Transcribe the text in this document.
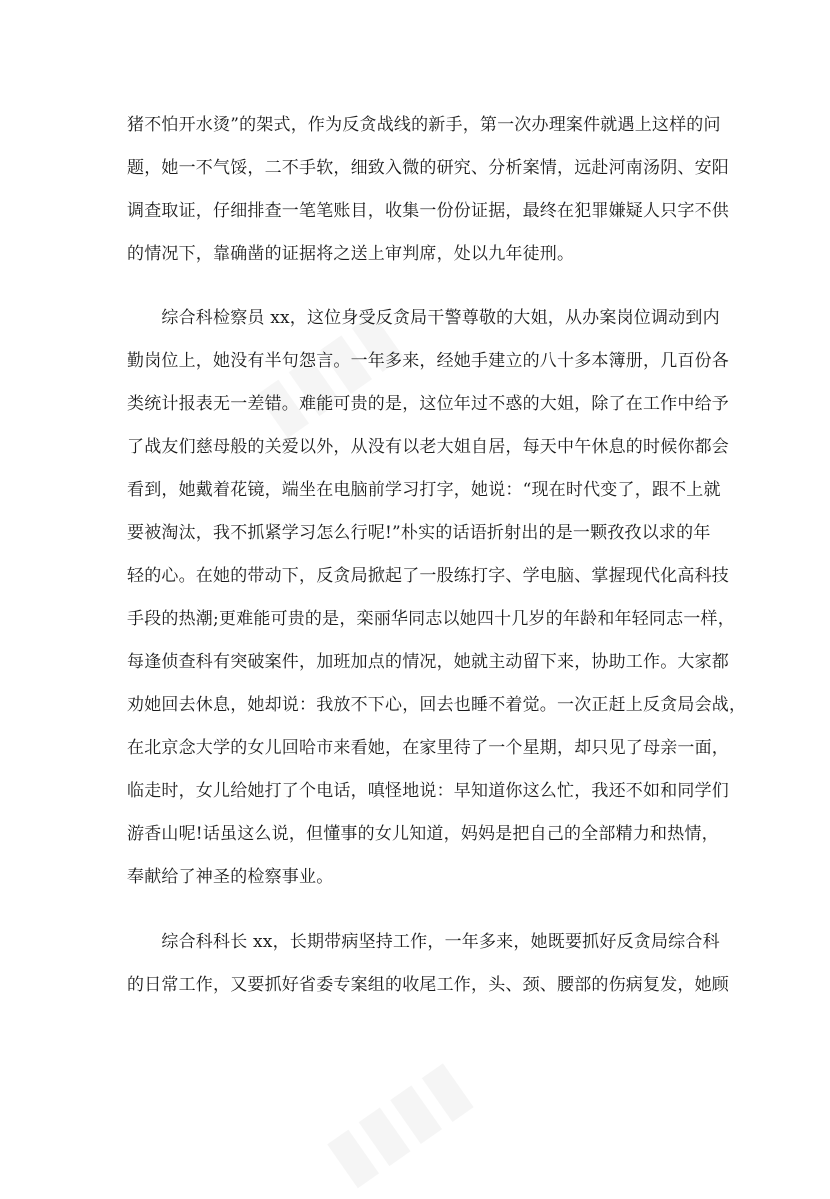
▮▮▮▮
▮▮▮▮
猪不怕开水烫”的架式，作为反贪战线的新手，第一次办理案件就遇上这样的问
题，她一不气馁，二不手软，细致入微的研究、分析案情，远赴河南汤阴、安阳
调查取证，仔细排查一笔笔账目，收集一份份证据，最终在犯罪嫌疑人只字不供
的情况下，靠确凿的证据将之送上审判席，处以九年徒刑。
　　综合科检察员 xx，这位身受反贪局干警尊敬的大姐，从办案岗位调动到内
勤岗位上，她没有半句怨言。一年多来，经她手建立的八十多本簿册，几百份各
类统计报表无一差错。难能可贵的是，这位年过不惑的大姐，除了在工作中给予
了战友们慈母般的关爱以外，从没有以老大姐自居，每天中午休息的时候你都会
看到，她戴着花镜，端坐在电脑前学习打字，她说：“现在时代变了，跟不上就
要被淘汰，我不抓紧学习怎么行呢!”朴实的话语折射出的是一颗孜孜以求的年
轻的心。在她的带动下，反贪局掀起了一股练打字、学电脑、掌握现代化高科技
手段的热潮;更难能可贵的是，栾丽华同志以她四十几岁的年龄和年轻同志一样，
每逢侦查科有突破案件，加班加点的情况，她就主动留下来，协助工作。大家都
劝她回去休息，她却说：我放不下心，回去也睡不着觉。一次正赶上反贪局会战，
在北京念大学的女儿回哈市来看她，在家里待了一个星期，却只见了母亲一面，
临走时，女儿给她打了个电话，嗔怪地说：早知道你这么忙，我还不如和同学们
游香山呢!话虽这么说，但懂事的女儿知道，妈妈是把自己的全部精力和热情，
奉献给了神圣的检察事业。
　　综合科科长 xx，长期带病坚持工作，一年多来，她既要抓好反贪局综合科
的日常工作，又要抓好省委专案组的收尾工作，头、颈、腰部的伤病复发，她顾
